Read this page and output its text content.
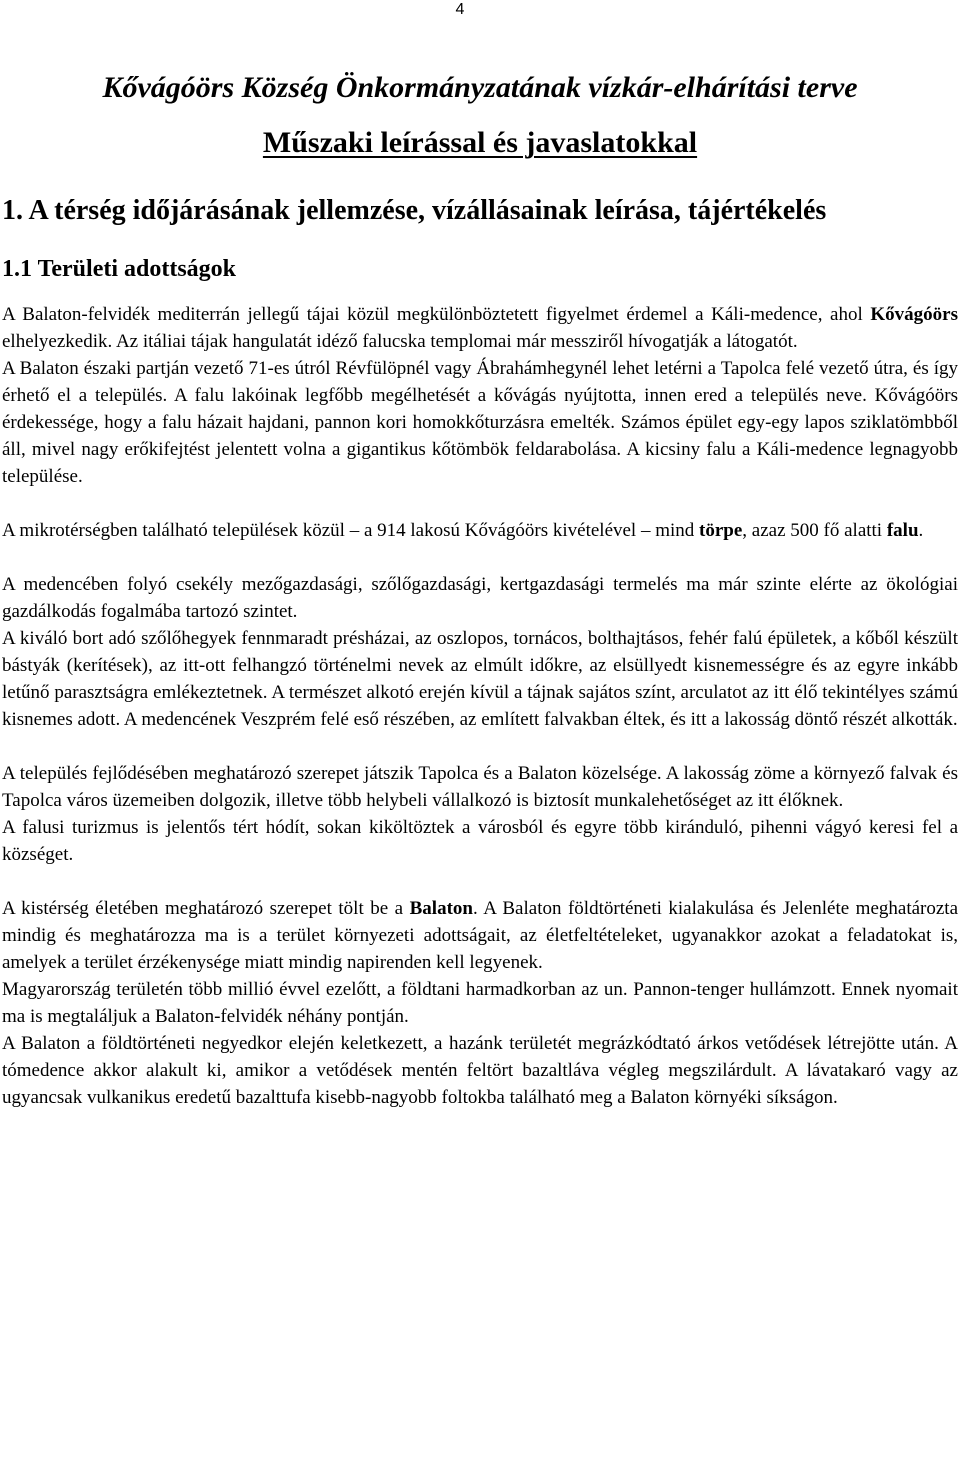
4
Kővágóörs Község Önkormányzatának vízkár-elhárítási terve
Műszaki leírással és javaslatokkal
1. A térség időjárásának jellemzése, vízállásainak leírása, tájértékelés
1.1 Területi adottságok

A Balaton-felvidék mediterrán jellegű tájai közül megkülönböztetett figyelmet érdemel a Káli-medence, ahol Kővágóörs elhelyezkedik. Az itáliai tájak hangulatát idéző falucska templomai már messziről hívogatják a látogatót.

A Balaton északi partján vezető 71-es útról Révfülöpnél vagy Ábrahámhegynél lehet letérni a Tapolca felé vezető útra, és így érhető el a település. A falu lakóinak legfőbb megélhetését a kővágás nyújtotta, innen ered a település neve. Kővágóörs érdekessége, hogy a falu házait hajdani, pannon kori homokkőturzásra emelték. Számos épület egy-egy lapos sziklatömbből áll, mivel nagy erőkifejtést jelentett volna a gigantikus kőtömbök feldarabolása. A kicsiny falu a Káli-medence legnagyobb települése.

A mikrotérségben található települések közül – a 914 lakosú Kővágóörs kivételével – mind törpe, azaz 500 fő alatti falu.

A medencében folyó csekély mezőgazdasági, szőlőgazdasági, kertgazdasági termelés ma már szinte elérte az ökológiai gazdálkodás fogalmába tartozó szintet.

A kiváló bort adó szőlőhegyek fennmaradt présházai, az oszlopos, tornácos, bolthajtásos, fehér falú épületek, a kőből készült bástyák (kerítések), az itt-ott felhangzó történelmi nevek az elmúlt időkre, az elsüllyedt kisnemességre és az egyre inkább letűnő parasztságra emlékeztetnek. A természet alkotó erején kívül a tájnak sajátos színt, arculatot az itt élő tekintélyes számú kisnemes adott. A medencének Veszprém felé eső részében, az említett falvakban éltek, és itt a lakosság döntő részét alkották.

A település fejlődésében meghatározó szerepet játszik Tapolca és a Balaton közelsége. A lakosság zöme a környező falvak és Tapolca város üzemeiben dolgozik, illetve több helybeli vállalkozó is biztosít munkalehetőséget az itt élőknek.

A falusi turizmus is jelentős tért hódít, sokan kiköltöztek a városból és egyre több kiránduló, pihenni vágyó keresi fel a községet.

A kistérség életében meghatározó szerepet tölt be a Balaton. A Balaton földtörténeti kialakulása és Jelenléte meghatározta mindig és meghatározza ma is a terület környezeti adottságait, az életfeltételeket, ugyanakkor azokat a feladatokat is, amelyek a terület érzékenysége miatt mindig napirenden kell legyenek.

Magyarország területén több millió évvel ezelőtt, a földtani harmadkorban az un. Pannon-tenger hullámzott. Ennek nyomait ma is megtaláljuk a Balaton-felvidék néhány pontján.

A Balaton a földtörténeti negyedkor elején keletkezett, a hazánk területét megrázkódtató árkos vetődések létrejötte után. A tómedence akkor alakult ki, amikor a vetődések mentén feltört bazaltláva végleg megszilárdult. A lávatakaró vagy az ugyancsak vulkanikus eredetű bazalttufa kisebb-nagyobb foltokba található meg a Balaton környéki síkságon.
